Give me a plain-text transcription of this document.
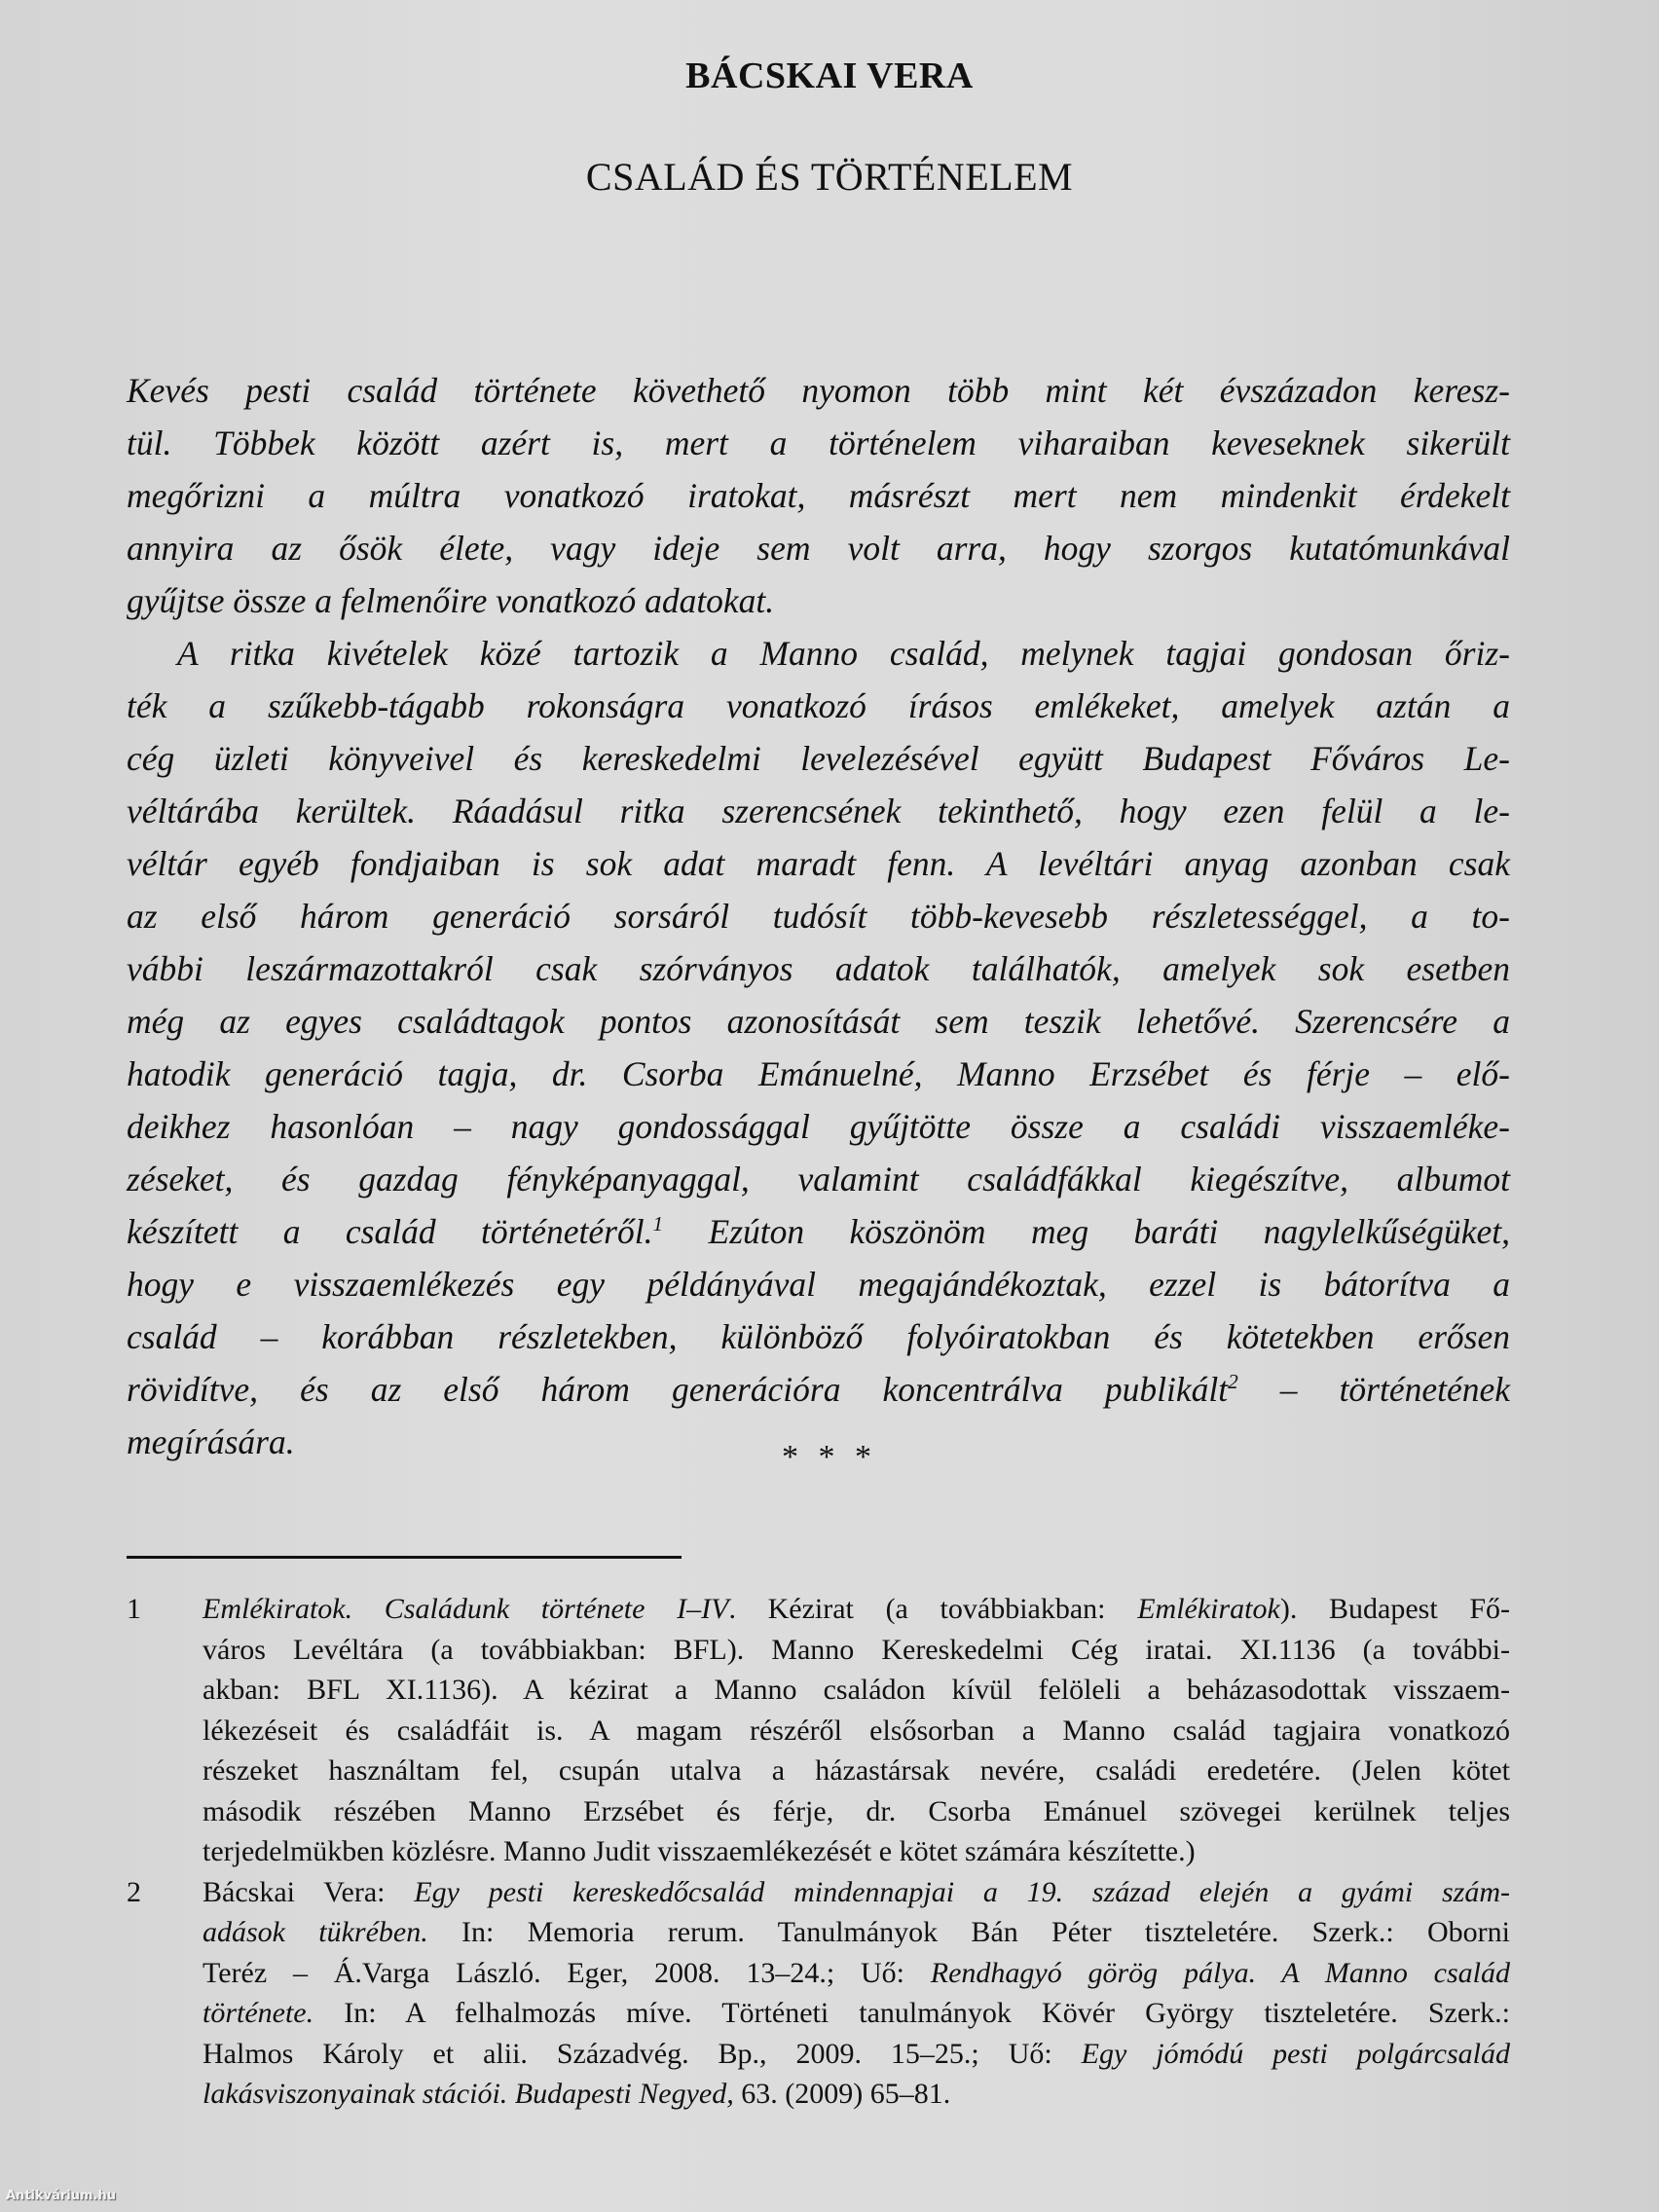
BÁCSKAI VERA
CSALÁD ÉS TÖRTÉNELEM
Kevés pesti család története követhető nyomon több mint két évszázadon keresz-
tül. Többek között azért is, mert a történelem viharaiban keveseknek sikerült
megőrizni a múltra vonatkozó iratokat, másrészt mert nem mindenkit érdekelt
annyira az ősök élete, vagy ideje sem volt arra, hogy szorgos kutatómunkával
gyűjtse össze a felmenőire vonatkozó adatokat.
A ritka kivételek közé tartozik a Manno család, melynek tagjai gondosan őriz-
ték a szűkebb-tágabb rokonságra vonatkozó írásos emlékeket, amelyek aztán a
cég üzleti könyveivel és kereskedelmi levelezésével együtt Budapest Főváros Le-
véltárába kerültek. Ráadásul ritka szerencsének tekinthető, hogy ezen felül a le-
véltár egyéb fondjaiban is sok adat maradt fenn. A levéltári anyag azonban csak
az első három generáció sorsáról tudósít több-kevesebb részletességgel, a to-
vábbi leszármazottakról csak szórványos adatok találhatók, amelyek sok esetben
még az egyes családtagok pontos azonosítását sem teszik lehetővé. Szerencsére a
hatodik generáció tagja, dr. Csorba Emánuelné, Manno Erzsébet és férje – elő-
deikhez hasonlóan – nagy gondossággal gyűjtötte össze a családi visszaemléke-
zéseket, és gazdag fényképanyaggal, valamint családfákkal kiegészítve, albumot
készített a család történetéről.$^1$ Ezúton köszönöm meg baráti nagylelkűségüket,
hogy e visszaemlékezés egy példányával megajándékoztak, ezzel is bátorítva a
család – korábban részletekben, különböző folyóiratokban és kötetekben erősen
rövidítve, és az első három generációra koncentrálva publikált$^2$ – történetének
megírására.	* * *
1 Emlékiratok. Családunk története I–IV. Kézirat (a továbbiakban: Emlékiratok). Budapest Fő-
város Levéltára (a továbbiakban: BFL). Manno Kereskedelmi Cég iratai. XI.1136 (a további-
akban: BFL XI.1136). A kézirat a Manno családon kívül felöleli a beházasodottak visszaem-
lékezéseit és családfáit is. A magam részéről elsősorban a Manno család tagjaira vonatkozó
részeket használtam fel, csupán utalva a házastársak nevére, családi eredetére. (Jelen kötet
második részében Manno Erzsébet és férje, dr. Csorba Emánuel szövegei kerülnek teljes
terjedelmükben közlésre. Manno Judit visszaemlékezését e kötet számára készítette.)
2 Bácskai Vera: Egy pesti kereskedőcsalád mindennapjai a 19. század elején a gyámi szám-
adások tükrében. In: Memoria rerum. Tanulmányok Bán Péter tiszteletére. Szerk.: Oborni
Teréz – Á.Varga László. Eger, 2008. 13–24.; Uő: Rendhagyó görög pálya. A Manno család
története. In: A felhalmozás míve. Történeti tanulmányok Kövér György tiszteletére. Szerk.:
Halmos Károly et alii. Századvég. Bp., 2009. 15–25.; Uő: Egy jómódú pesti polgárcsalád
lakásviszonyainak stációi. Budapesti Negyed, 63. (2009) 65–81.
Antikvárium.hu
